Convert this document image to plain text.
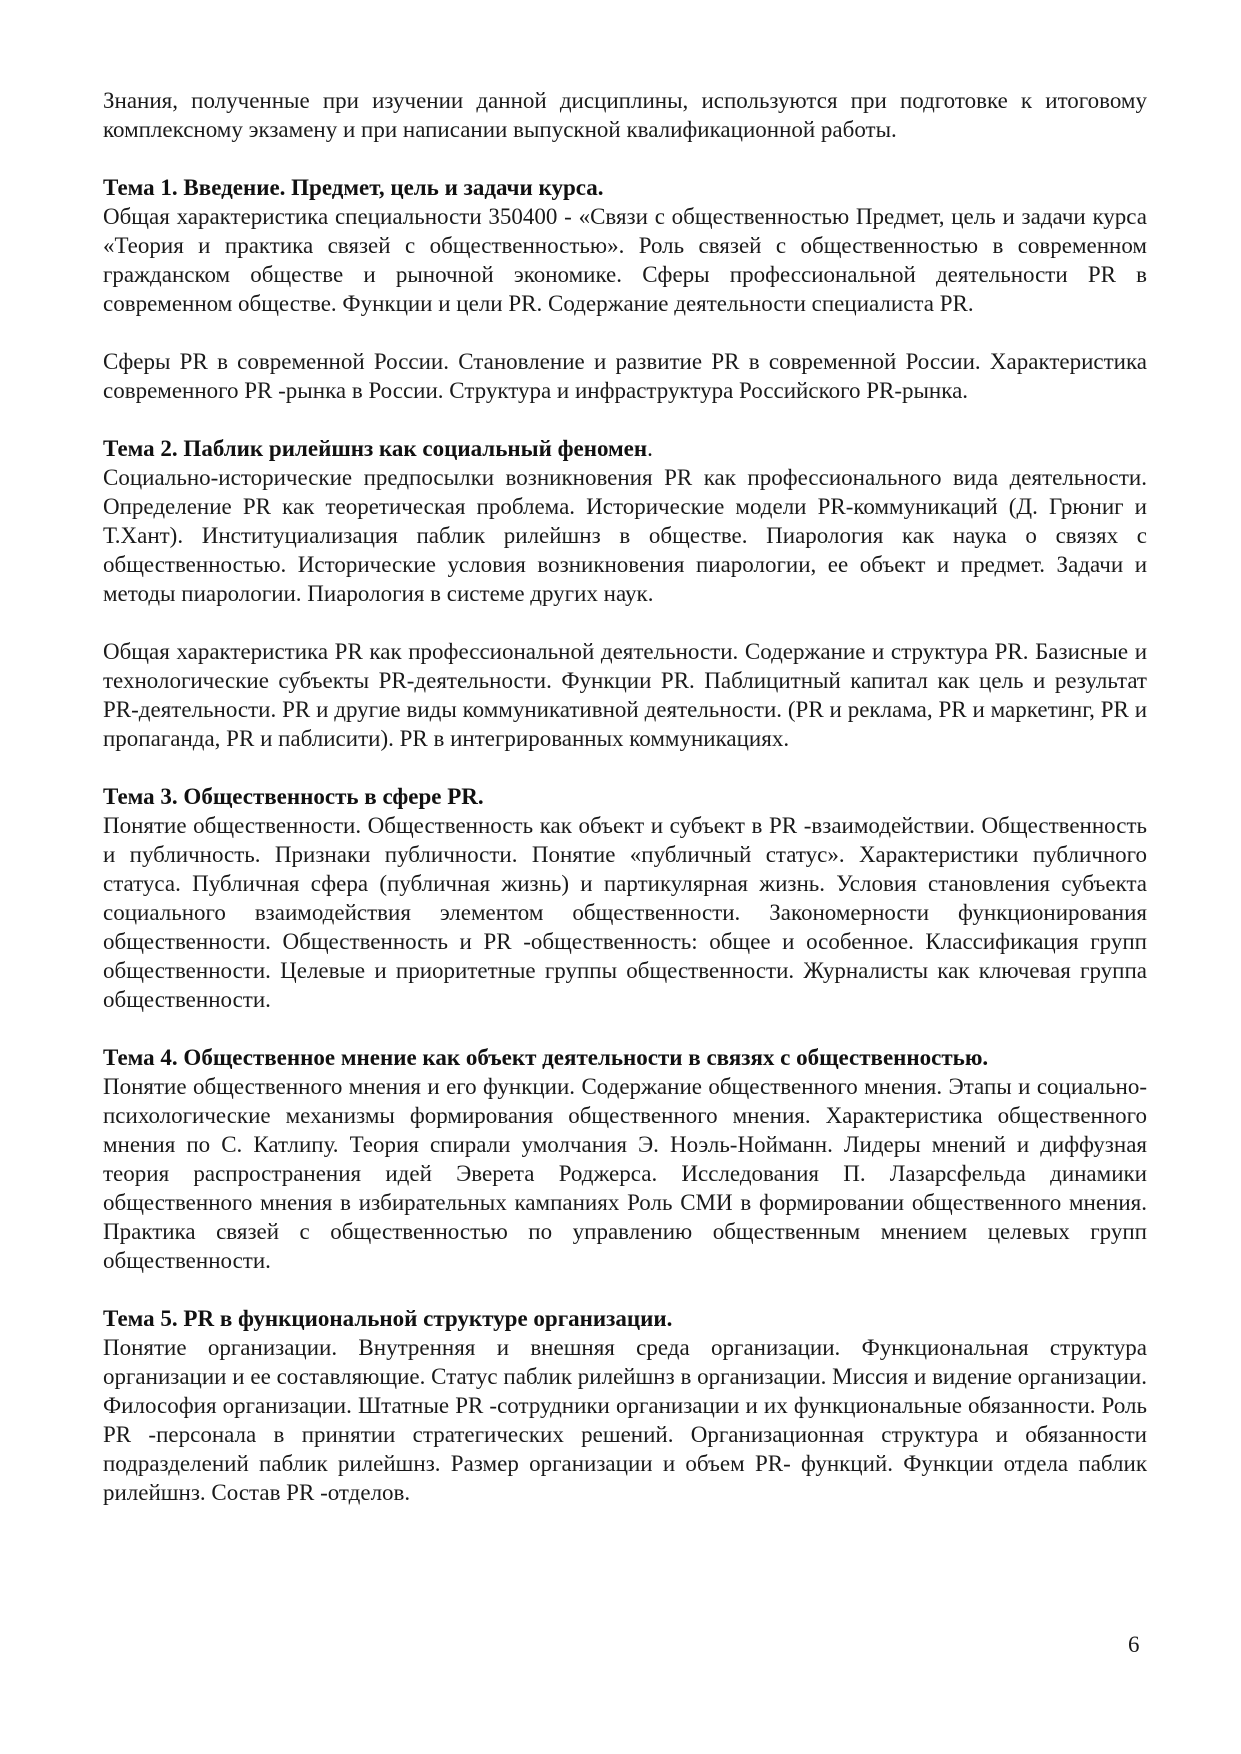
Знания, полученные при изучении данной дисциплины, используются при подготовке к итоговому комплексному экзамену и при написании выпускной квалификационной работы.

Тема 1. Введение. Предмет, цель и задачи курса.

Общая характеристика специальности 350400 - «Связи с общественностью Предмет, цель и задачи курса «Теория и практика связей с общественностью». Роль связей с общественностью в современном гражданском обществе и рыночной экономике. Сферы профессиональной деятельности PR в современном обществе. Функции и цели PR. Содержание деятельности специалиста PR.

Сферы PR в современной России. Становление и развитие PR в современной России. Характеристика современного PR -рынка в России. Структура и инфраструктура Российского PR-рынка.

Тема 2. Паблик рилейшнз как социальный феномен.

Социально-исторические предпосылки возникновения PR как профессионального вида деятельности. Определение PR как теоретическая проблема. Исторические модели PR-коммуникаций (Д. Грюниг и Т.Хант). Институциализация паблик рилейшнз в обществе. Пиарология как наука о связях с общественностью. Исторические условия возникновения пиарологии, ее объект и предмет. Задачи и методы пиарологии. Пиарология в системе других наук.

Общая характеристика PR как профессиональной деятельности. Содержание и структура PR. Базисные и технологические субъекты PR-деятельности. Функции PR. Паблицитный капитал как цель и результат PR-деятельности. PR и другие виды коммуникативной деятельности. (PR и реклама, PR и маркетинг, PR и пропаганда, PR и паблисити). PR в интегрированных коммуникациях.

Тема 3. Общественность в сфере PR.

Понятие общественности. Общественность как объект и субъект в PR -взаимодействии. Общественность и публичность. Признаки публичности. Понятие «публичный статус». Характеристики публичного статуса. Публичная сфера (публичная жизнь) и партикулярная жизнь. Условия становления субъекта социального взаимодействия элементом общественности. Закономерности функционирования общественности. Общественность и PR -общественность: общее и особенное. Классификация групп общественности. Целевые и приоритетные группы общественности. Журналисты как ключевая группа общественности.

Тема 4. Общественное мнение как объект деятельности в связях с общественностью.

Понятие общественного мнения и его функции. Содержание общественного мнения. Этапы и социально-психологические механизмы формирования общественного мнения. Характеристика общественного мнения по С. Катлипу. Теория спирали умолчания Э. Ноэль-Нойманн. Лидеры мнений и диффузная теория распространения идей Эверета Роджерса. Исследования П. Лазарсфельда динамики общественного мнения в избирательных кампаниях Роль СМИ в формировании общественного мнения. Практика связей с общественностью по управлению общественным мнением целевых групп общественности.

Тема 5. PR в функциональной структуре организации.

Понятие организации. Внутренняя и внешняя среда организации. Функциональная структура организации и ее составляющие. Статус паблик рилейшнз в организации. Миссия и видение организации. Философия организации. Штатные PR -сотрудники организации и их функциональные обязанности. Роль PR -персонала в принятии стратегических решений. Организационная структура и обязанности подразделений паблик рилейшнз. Размер организации и объем PR- функций. Функции отдела паблик рилейшнз. Состав PR -отделов.

6
